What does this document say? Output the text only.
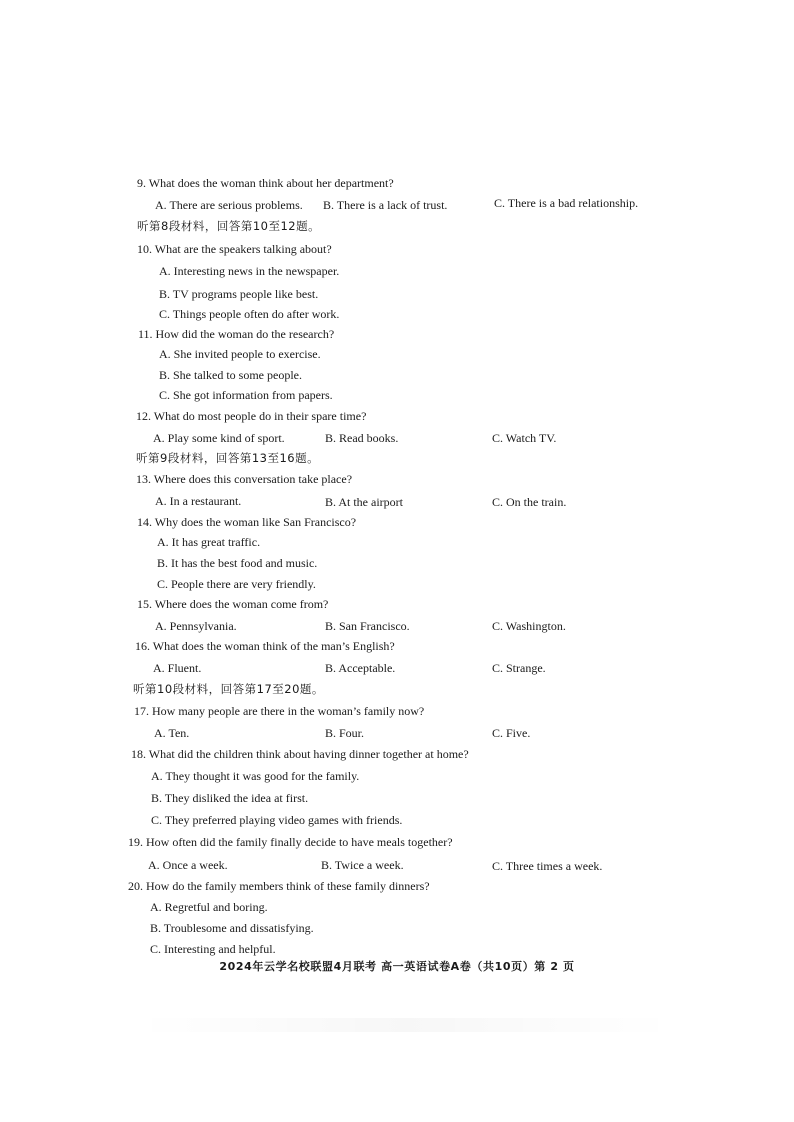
9. What does the woman think about her department?
A. There are serious problems. B. There is a lack of trust.	C. There is a bad relationship.
听第8段材料，回答第10至12题。
10. What are the speakers talking about?
A. Interesting news in the newspaper.
B. TV programs people like best.
C. Things people often do after work.
11. How did the woman do the research?
A. She invited people to exercise.
B. She talked to some people.
C. She got information from papers.
12. What do most people do in their spare time?
A. Play some kind of sport.	B. Read books.	C. Watch TV.
听第9段材料，回答第13至16题。
13. Where does this conversation take place?
A. In a restaurant.	B. At the airport	C. On the train.
14. Why does the woman like San Francisco?
A. It has great traffic.
B. It has the best food and music.
C. People there are very friendly.
15. Where does the woman come from?
A. Pennsylvania.	B. San Francisco.	C. Washington.
16. What does the woman think of the man’s English?
A. Fluent.	B. Acceptable.	C. Strange.
听第10段材料，回答第17至20题。
17. How many people are there in the woman’s family now?
A. Ten.	B. Four.	C. Five.
18. What did the children think about having dinner together at home?
A. They thought it was good for the family.
B. They disliked the idea at first.
C. They preferred playing video games with friends.
19. How often did the family finally decide to have meals together?
A. Once a week.	B. Twice a week.	C. Three times a week.
20. How do the family members think of these family dinners?
A. Regretful and boring.
B. Troublesome and dissatisfying.
C. Interesting and helpful.
2024年云学名校联盟4月联考 高一英语试卷A卷（共10页）第 2 页
